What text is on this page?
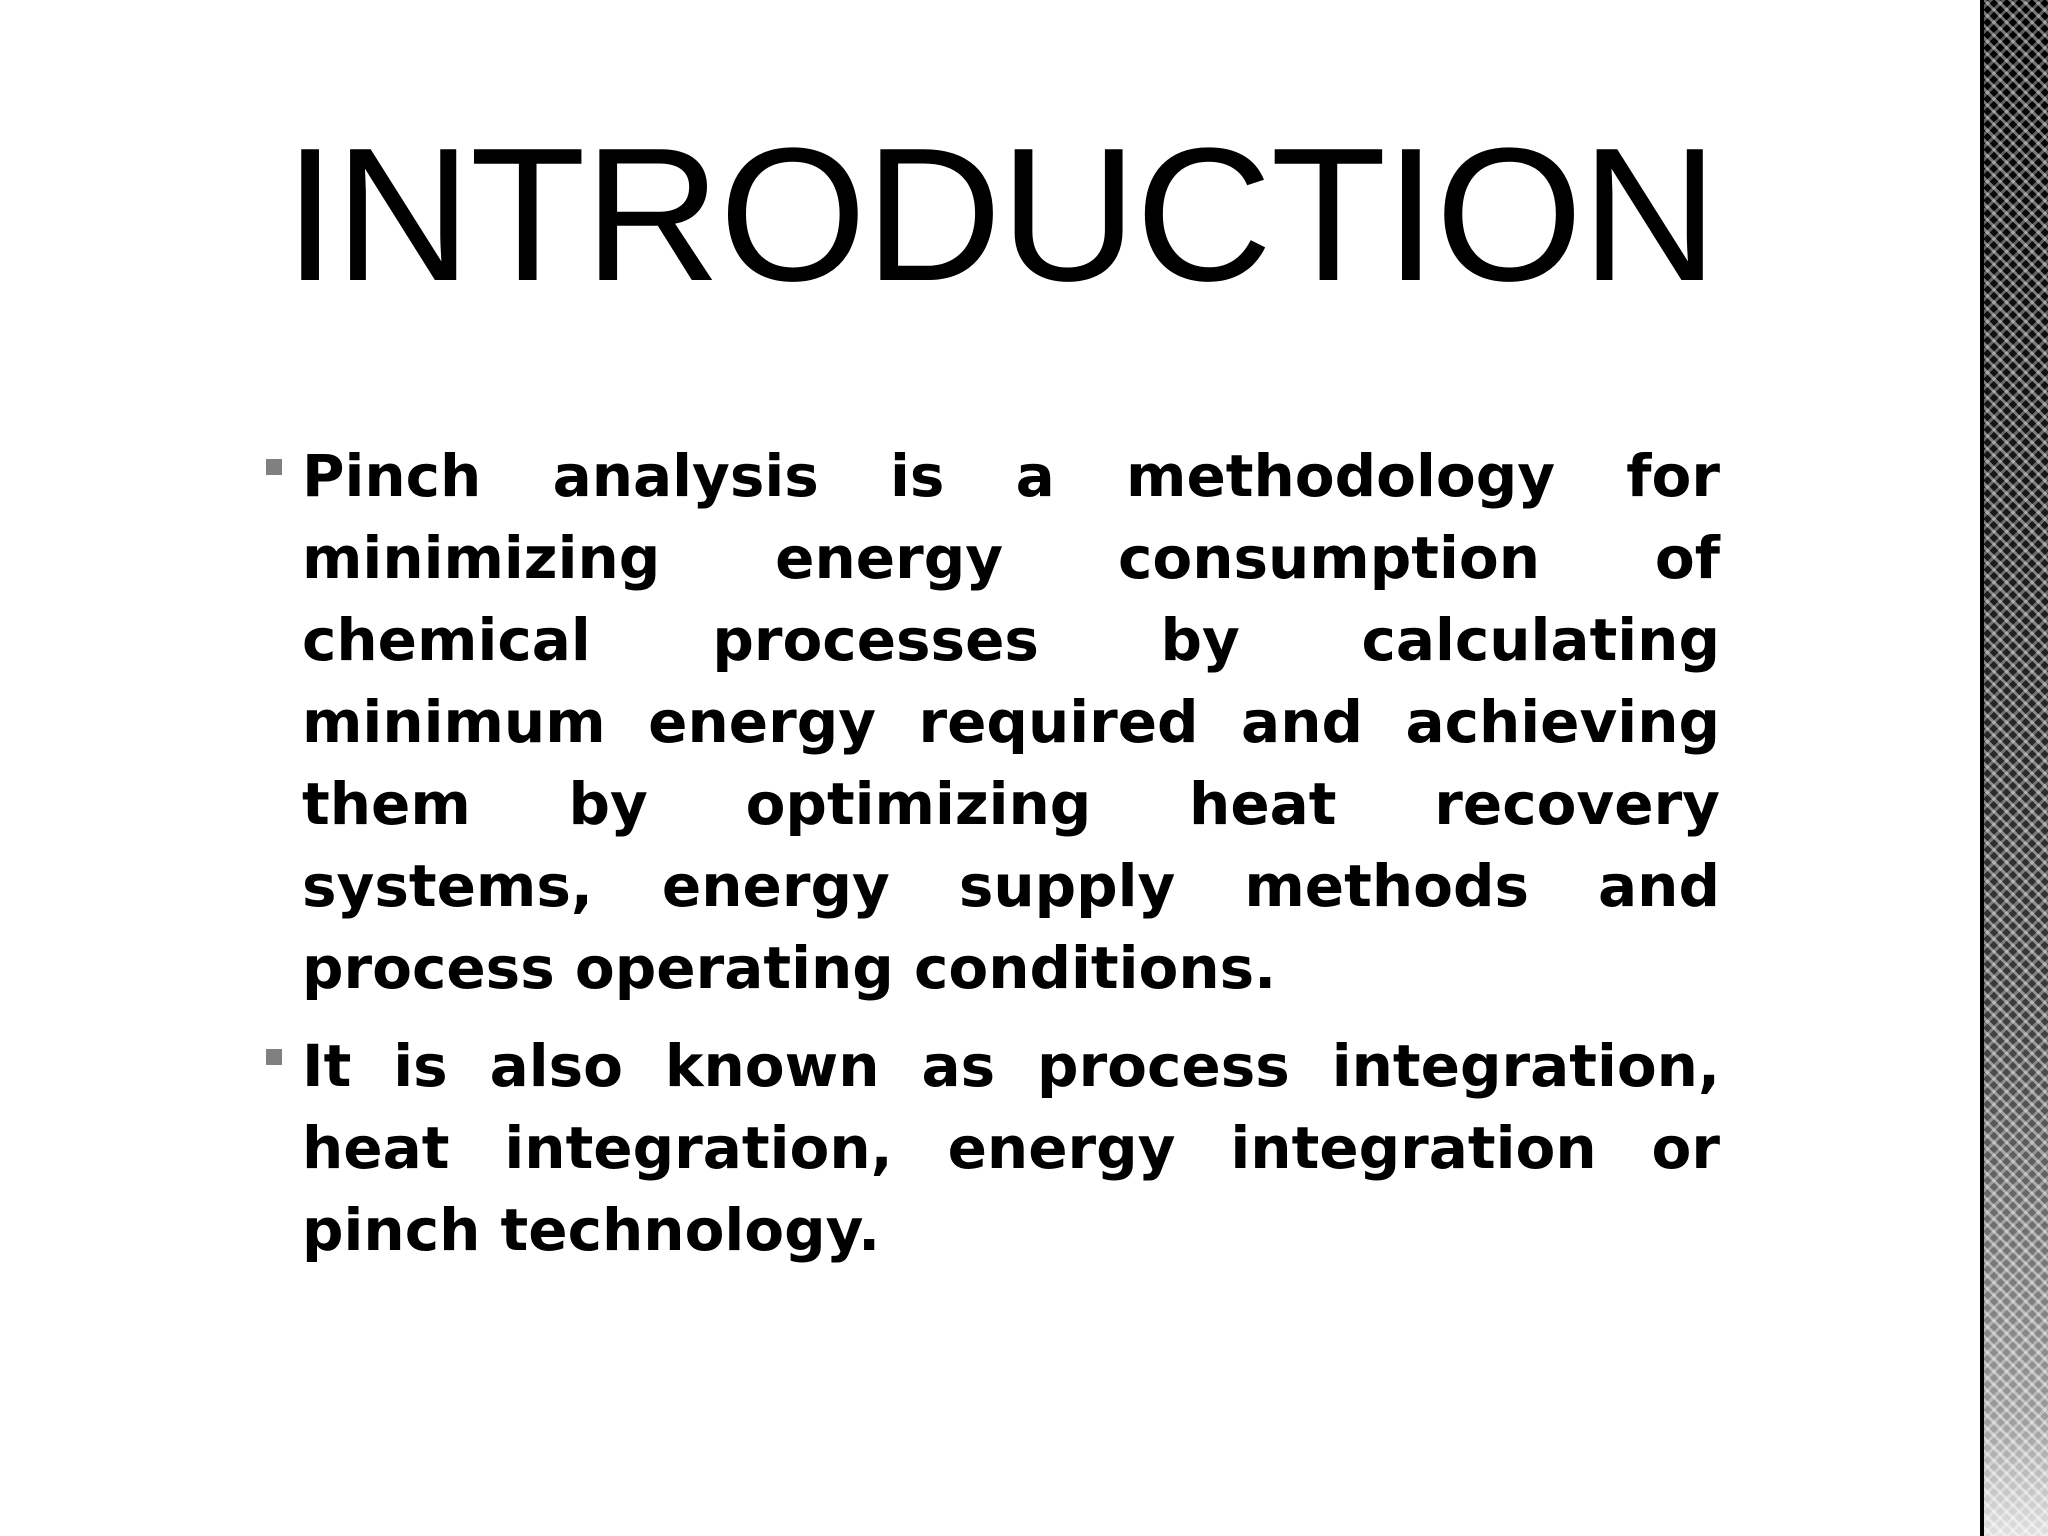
INTRODUCTION

Pinch analysis is a methodology for minimizing energy consumption of chemical processes by calculating minimum energy required and achieving them by optimizing heat recovery systems, energy supply methods and process operating conditions.

It is also known as process integration, heat integration, energy integration or pinch technology.
